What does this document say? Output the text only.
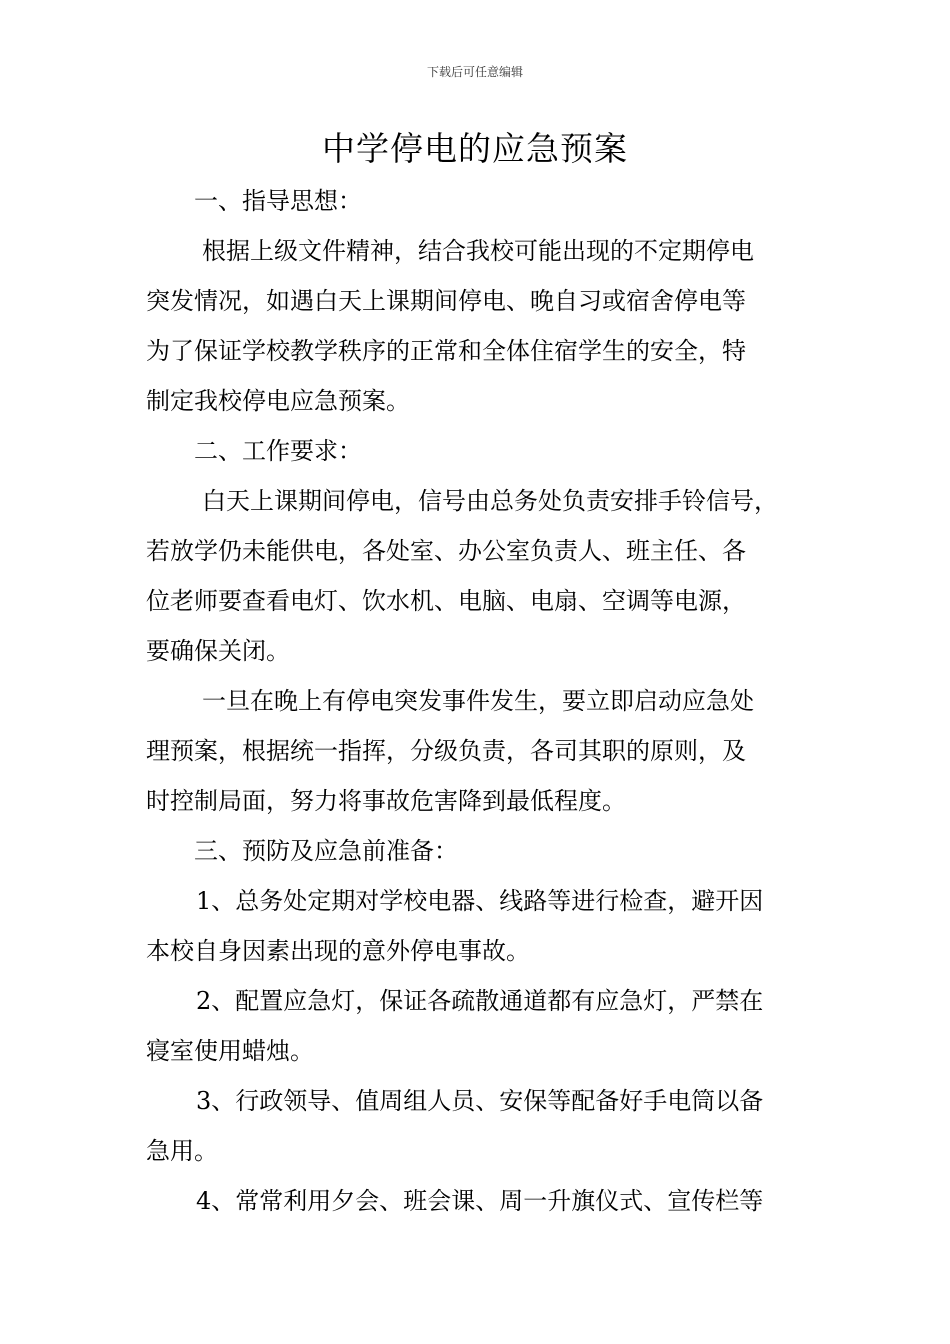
下载后可任意编辑
中学停电的应急预案

一、指导思想：

根据上级文件精神，结合我校可能出现的不定期停电

突发情况，如遇白天上课期间停电、晚自习或宿舍停电等

为了保证学校教学秩序的正常和全体住宿学生的安全，特

制定我校停电应急预案。

二、工作要求：

白天上课期间停电，信号由总务处负责安排手铃信号，

若放学仍未能供电，各处室、办公室负责人、班主任、各

位老师要查看电灯、饮水机、电脑、电扇、空调等电源，

要确保关闭。

一旦在晚上有停电突发事件发生，要立即启动应急处

理预案，根据统一指挥，分级负责，各司其职的原则，及

时控制局面，努力将事故危害降到最低程度。

三、预防及应急前准备：

1、总务处定期对学校电器、线路等进行检查，避开因

本校自身因素出现的意外停电事故。

2、配置应急灯，保证各疏散通道都有应急灯，严禁在

寝室使用蜡烛。

3、行政领导、值周组人员、安保等配备好手电筒以备

急用。

4、常常利用夕会、班会课、周一升旗仪式、宣传栏等
